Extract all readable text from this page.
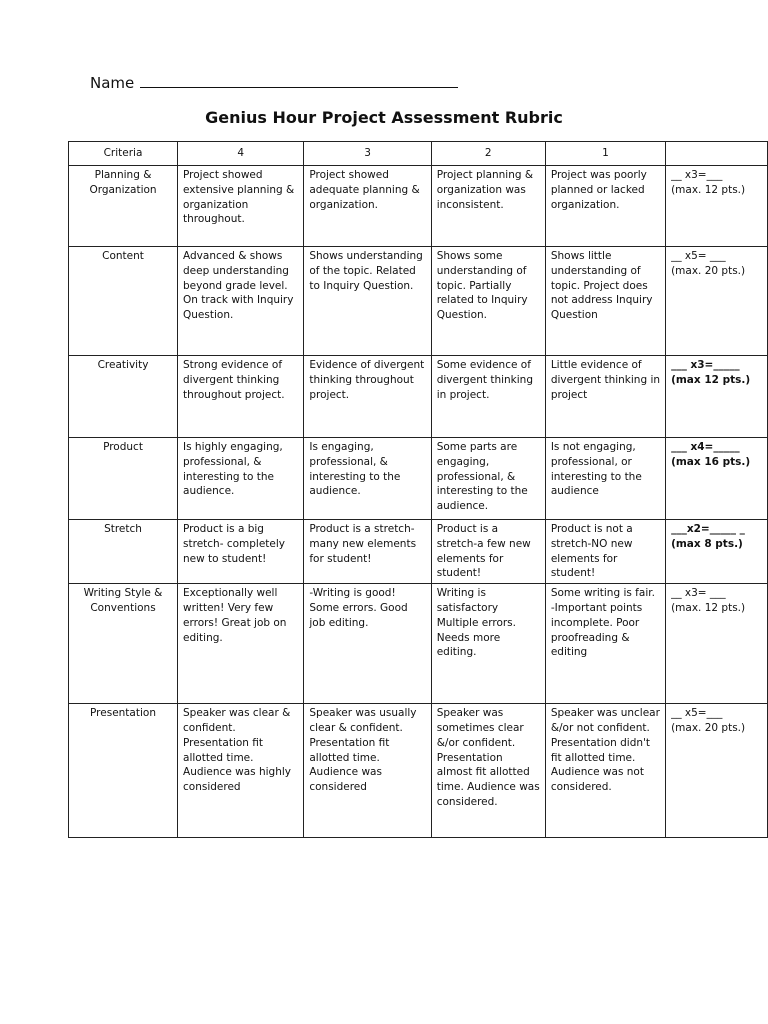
Name
Genius Hour Project Assessment Rubric
Criteria	4	3	2	1	
Planning & Organization	Project showed extensive planning & organization throughout.	Project showed adequate planning & organization.	Project planning & organization was inconsistent.	Project was poorly planned or lacked organization.	__ x3=___
(max. 12 pts.)

Content	Advanced & shows deep understanding beyond grade level. On track with Inquiry Question.	Shows understanding of the topic. Related to Inquiry Question.	Shows some understanding of topic. Partially related to Inquiry Question.	Shows little understanding of topic. Project does not address Inquiry Question	__ x5= ___
(max. 20 pts.)

Creativity	Strong evidence of divergent thinking throughout project.	Evidence of divergent thinking throughout project.	Some evidence of divergent thinking in project.	Little evidence of divergent thinking in project	___ x3=_____
(max 12 pts.)

Product	Is highly engaging, professional, & interesting to the audience.	Is engaging, professional, & interesting to the audience.	Some parts are engaging, professional, & interesting to the audience.	Is not engaging, professional, or interesting to the audience	___ x4=_____
(max 16 pts.)

Stretch	Product is a big stretch- completely new to student!	Product is a stretch- many new elements for student!	Product is a stretch-a few new elements for student!	Product is not a stretch-NO new elements for student!	___x2=_____ _
(max 8 pts.)

Writing Style & Conventions	Exceptionally well written! Very few errors! Great job on editing.	-Writing is good! Some errors. Good job editing.	Writing is satisfactory Multiple errors. Needs more editing.	Some writing is fair. -Important points incomplete. Poor proofreading & editing	__ x3= ___
(max. 12 pts.)

Presentation	Speaker was clear & confident. Presentation fit allotted time. Audience was highly considered	Speaker was usually clear & confident. Presentation fit allotted time. Audience was considered	Speaker was sometimes clear &/or confident. Presentation almost fit allotted time. Audience was considered.	Speaker was unclear &/or not confident. Presentation didn't fit allotted time. Audience was not considered.	__ x5=___
(max. 20 pts.)
